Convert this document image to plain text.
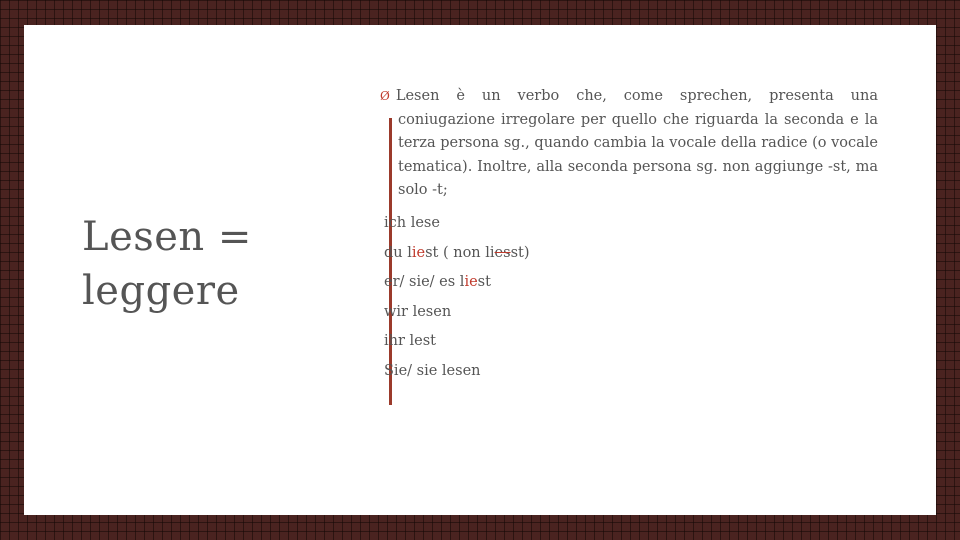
Lesen =
leggere
Ø Lesen è un verbo che, come sprechen, presenta una coniugazione irregolare per quello che riguarda la seconda e la terza persona sg., quando cambia la vocale della radice (o vocale tematica). Inoltre, alla seconda persona sg. non aggiunge -st, ma solo -t;
ich lese
du liest ( non liesst)
er/ sie/ es liest
wir lesen
ihr lest
Sie/ sie lesen
